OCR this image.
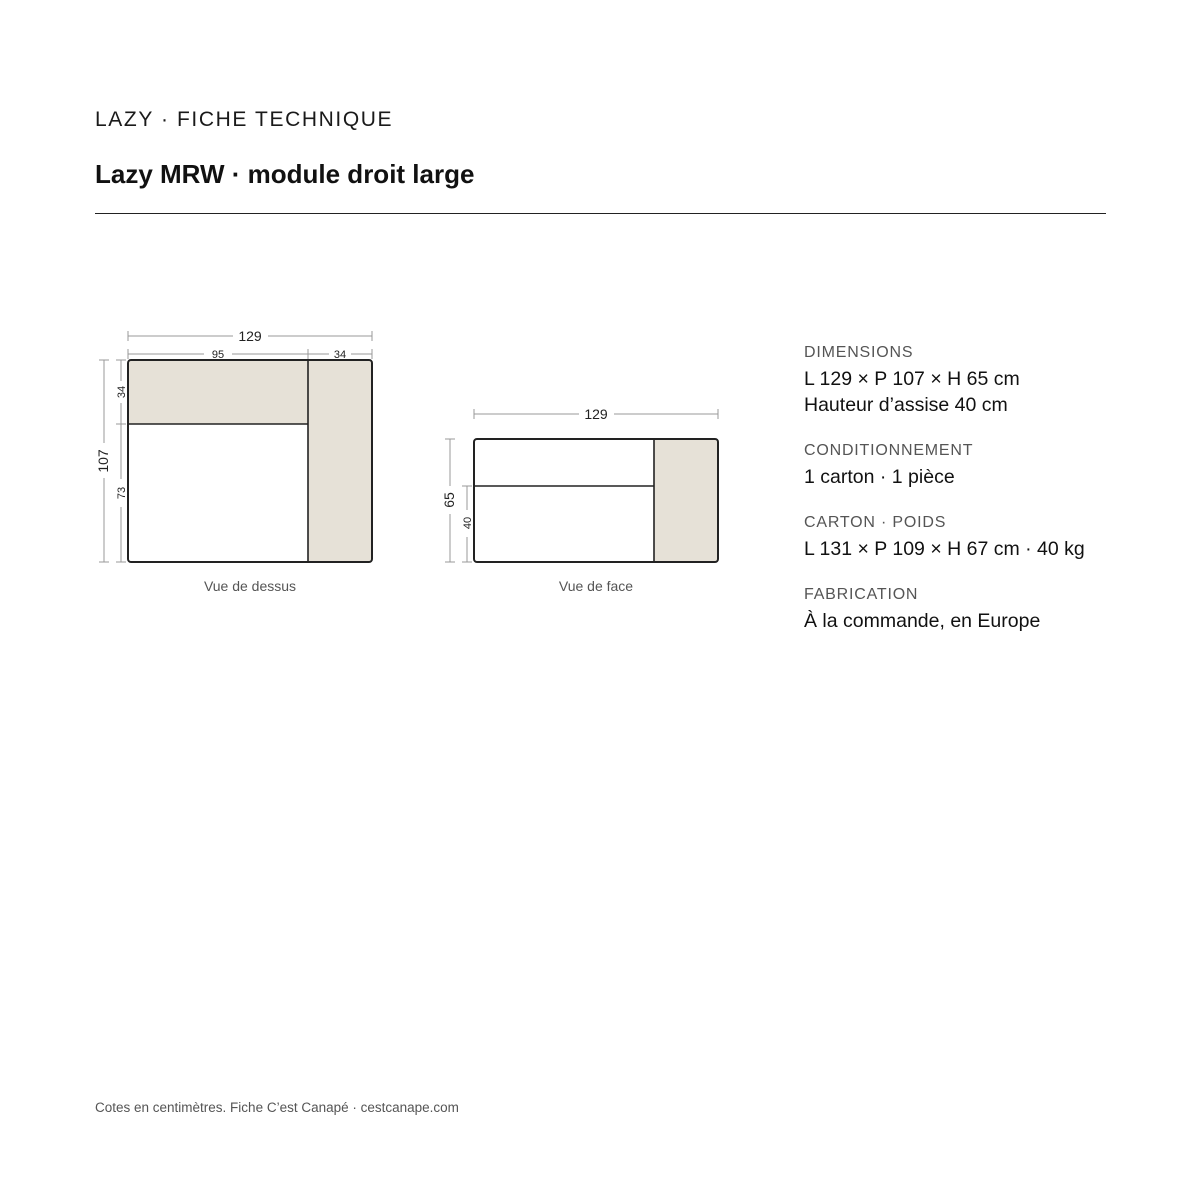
LAZY · FICHE TECHNIQUE
Lazy MRW · module droit large
129
95	34
107
34
73
Vue de dessus
129
65
40
Vue de face
DIMENSIONS
L 129 × P 107 × H 65 cm
Hauteur d’assise 40 cm
CONDITIONNEMENT
1 carton · 1 pièce
CARTON · POIDS
L 131 × P 109 × H 67 cm · 40 kg
FABRICATION
À la commande, en Europe
Cotes en centimètres. Fiche C’est Canapé · cestcanape.com
